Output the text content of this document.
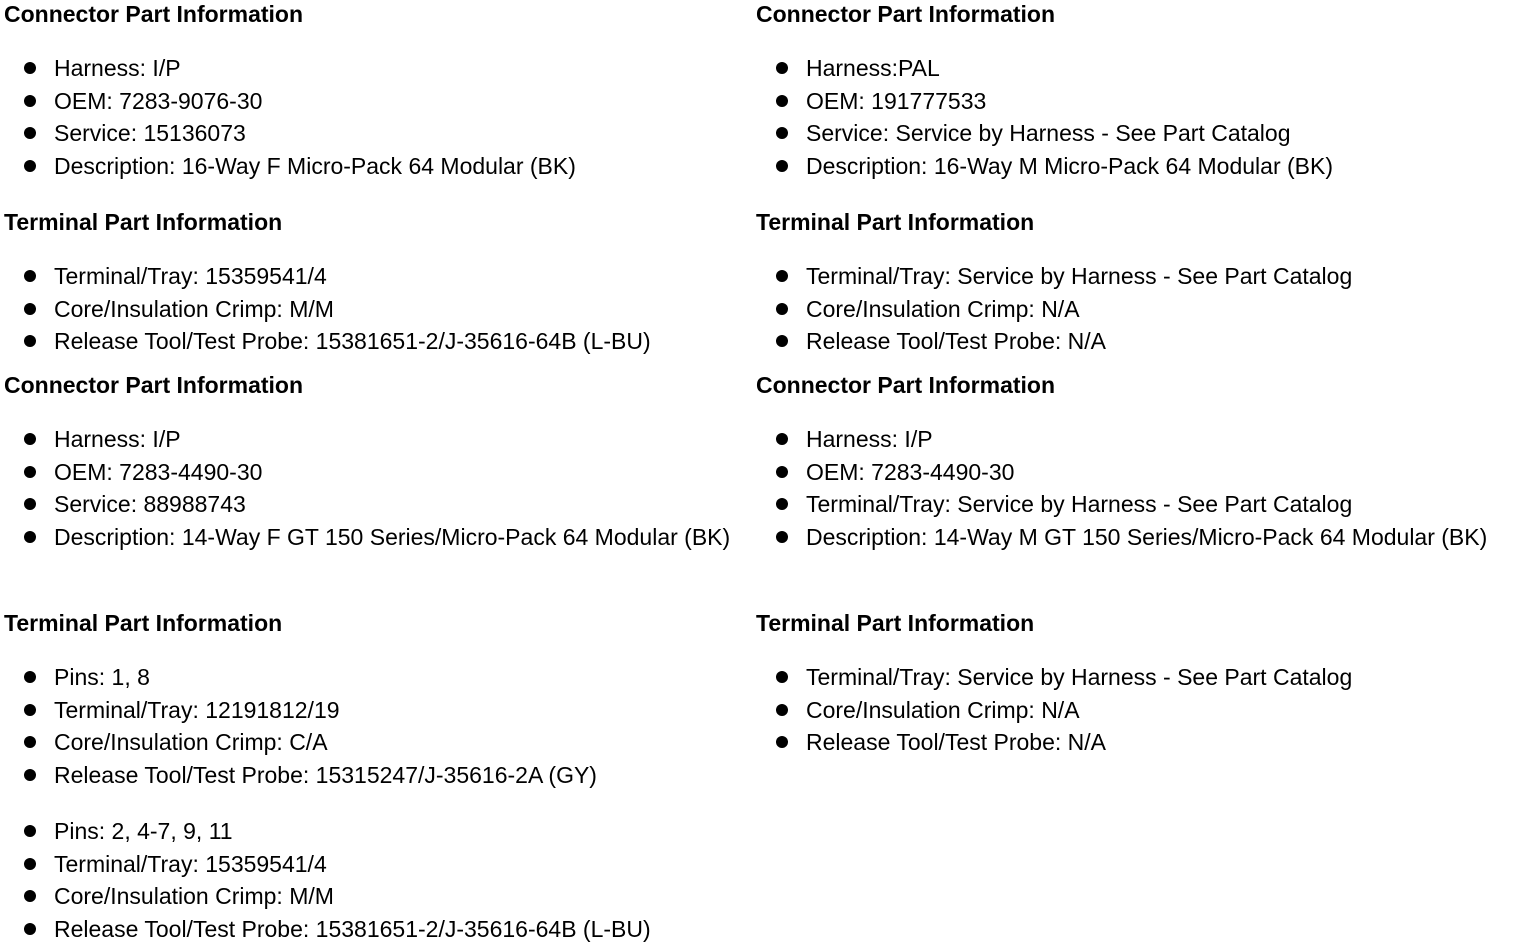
Connector Part Information
Harness: I/P
OEM: 7283-9076-30
Service: 15136073
Description: 16-Way F Micro-Pack 64 Modular (BK)
Connector Part Information
Harness:PAL
OEM: 191777533
Service: Service by Harness - See Part Catalog
Description: 16-Way M Micro-Pack 64 Modular (BK)
Terminal Part Information
Terminal/Tray: 15359541/4
Core/Insulation Crimp: M/M
Release Tool/Test Probe: 15381651-2/J-35616-64B (L-BU)
Terminal Part Information
Terminal/Tray: Service by Harness - See Part Catalog
Core/Insulation Crimp: N/A
Release Tool/Test Probe: N/A
Connector Part Information
Harness: I/P
OEM: 7283-4490-30
Service: 88988743
Description: 14-Way F GT 150 Series/Micro-Pack 64 Modular (BK)
Connector Part Information
Harness: I/P
OEM: 7283-4490-30
Terminal/Tray: Service by Harness - See Part Catalog
Description: 14-Way M GT 150 Series/Micro-Pack 64 Modular (BK)
Terminal Part Information
Pins: 1, 8
Terminal/Tray: 12191812/19
Core/Insulation Crimp: C/A
Release Tool/Test Probe: 15315247/J-35616-2A (GY)
Terminal Part Information
Terminal/Tray: Service by Harness - See Part Catalog
Core/Insulation Crimp: N/A
Release Tool/Test Probe: N/A
Pins: 2, 4-7, 9, 11
Terminal/Tray: 15359541/4
Core/Insulation Crimp: M/M
Release Tool/Test Probe: 15381651-2/J-35616-64B (L-BU)
